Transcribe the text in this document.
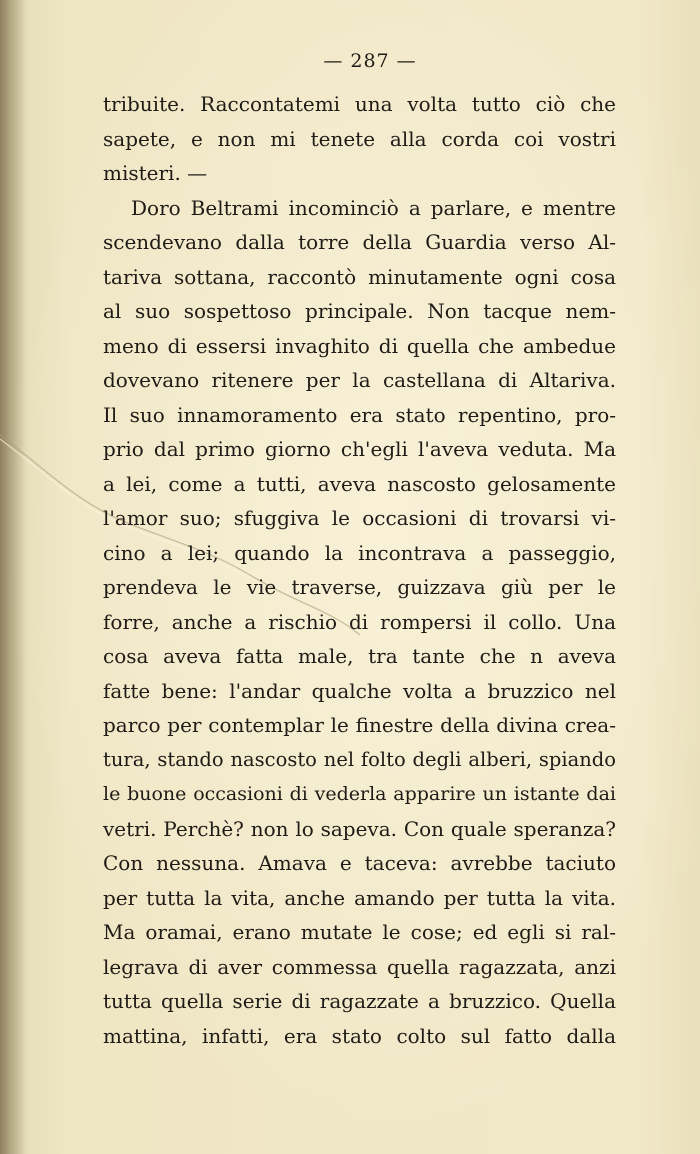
— 287 —
tribuite. Raccontatemi una volta tutto ciò che
sapete, e non mi tenete alla corda coi vostri
misteri. —
Doro Beltrami incominciò a parlare, e mentre
scendevano dalla torre della Guardia verso Al-
tariva sottana, raccontò minutamente ogni cosa
al suo sospettoso principale. Non tacque nem-
meno di essersi invaghito di quella che ambedue
dovevano ritenere per la castellana di Altariva.
Il suo innamoramento era stato repentino, pro-
prio dal primo giorno ch'egli l'aveva veduta. Ma
a lei, come a tutti, aveva nascosto gelosamente
l'amor suo; sfuggiva le occasioni di trovarsi vi-
cino a lei; quando la incontrava a passeggio,
prendeva le vie traverse, guizzava giù per le
forre, anche a rischio di rompersi il collo. Una
cosa aveva fatta male, tra tante che n aveva
fatte bene: l'andar qualche volta a bruzzico nel
parco per contemplar le finestre della divina crea-
tura, stando nascosto nel folto degli alberi, spiando
le buone occasioni di vederla apparire un istante dai
vetri. Perchè? non lo sapeva. Con quale speranza?
Con nessuna. Amava e taceva: avrebbe taciuto
per tutta la vita, anche amando per tutta la vita.
Ma oramai, erano mutate le cose; ed egli si ral-
legrava di aver commessa quella ragazzata, anzi
tutta quella serie di ragazzate a bruzzico. Quella
mattina, infatti, era stato colto sul fatto dalla
